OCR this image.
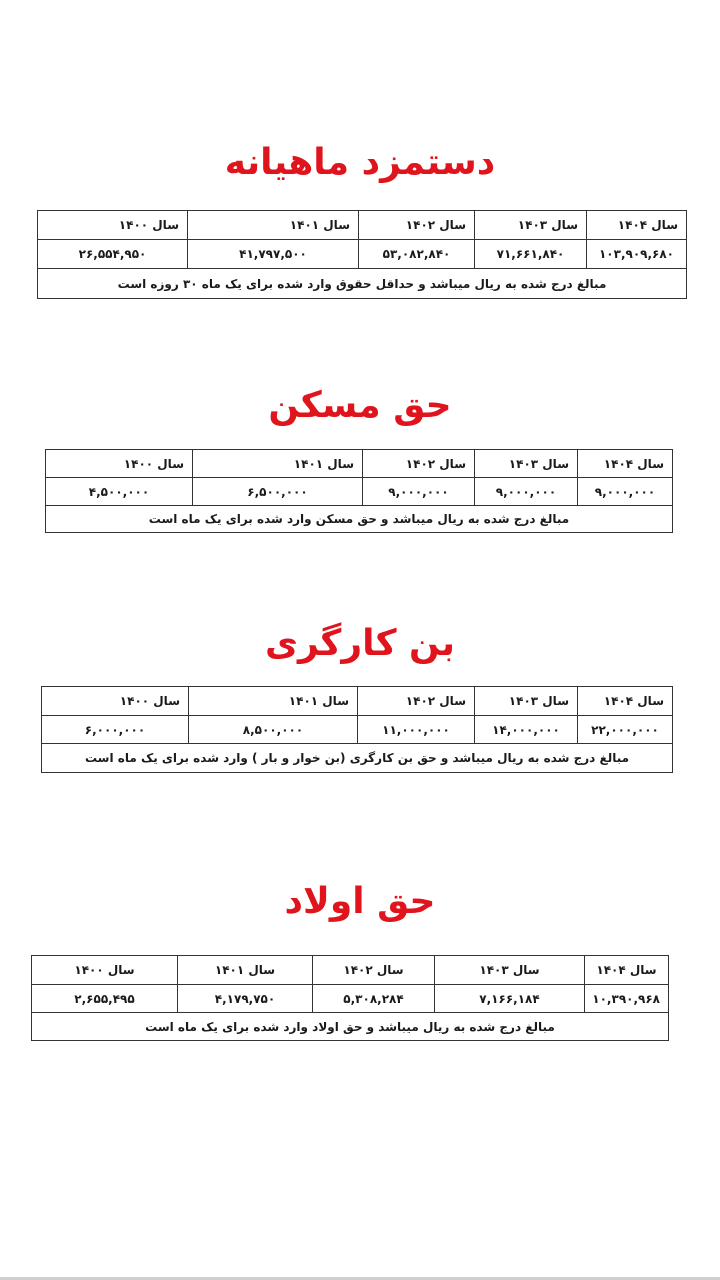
دستمزد ماهیانه
سال ۱۴۰۴	سال ۱۴۰۳	سال ۱۴۰۲	سال ۱۴۰۱	سال ۱۴۰۰
۱۰۳,۹۰۹,۶۸۰	۷۱,۶۶۱,۸۴۰	۵۳,۰۸۲,۸۴۰	۴۱,۷۹۷,۵۰۰	۲۶,۵۵۴,۹۵۰
مبالغ درج شده به ریال میباشد و حداقل حقوق وارد شده برای یک ماه ۳۰ روزه است				
حق مسکن
سال ۱۴۰۴	سال ۱۴۰۳	سال ۱۴۰۲	سال ۱۴۰۱	سال ۱۴۰۰
۹,۰۰۰,۰۰۰	۹,۰۰۰,۰۰۰	۹,۰۰۰,۰۰۰	۶,۵۰۰,۰۰۰	۴,۵۰۰,۰۰۰
مبالغ درج شده به ریال میباشد و حق مسکن وارد شده برای یک ماه است				
بن کارگری
سال ۱۴۰۴	سال ۱۴۰۳	سال ۱۴۰۲	سال ۱۴۰۱	سال ۱۴۰۰
۲۲,۰۰۰,۰۰۰	۱۴,۰۰۰,۰۰۰	۱۱,۰۰۰,۰۰۰	۸,۵۰۰,۰۰۰	۶,۰۰۰,۰۰۰
مبالغ درج شده به ریال میباشد و حق بن کارگری (بن خوار و بار ) وارد شده برای یک ماه است				
حق اولاد
سال ۱۴۰۴	سال ۱۴۰۳	سال ۱۴۰۲	سال ۱۴۰۱	سال ۱۴۰۰
۱۰,۳۹۰,۹۶۸	۷,۱۶۶,۱۸۴	۵,۳۰۸,۲۸۴	۴,۱۷۹,۷۵۰	۲,۶۵۵,۴۹۵
مبالغ درج شده به ریال میباشد و حق اولاد وارد شده برای یک ماه است				
